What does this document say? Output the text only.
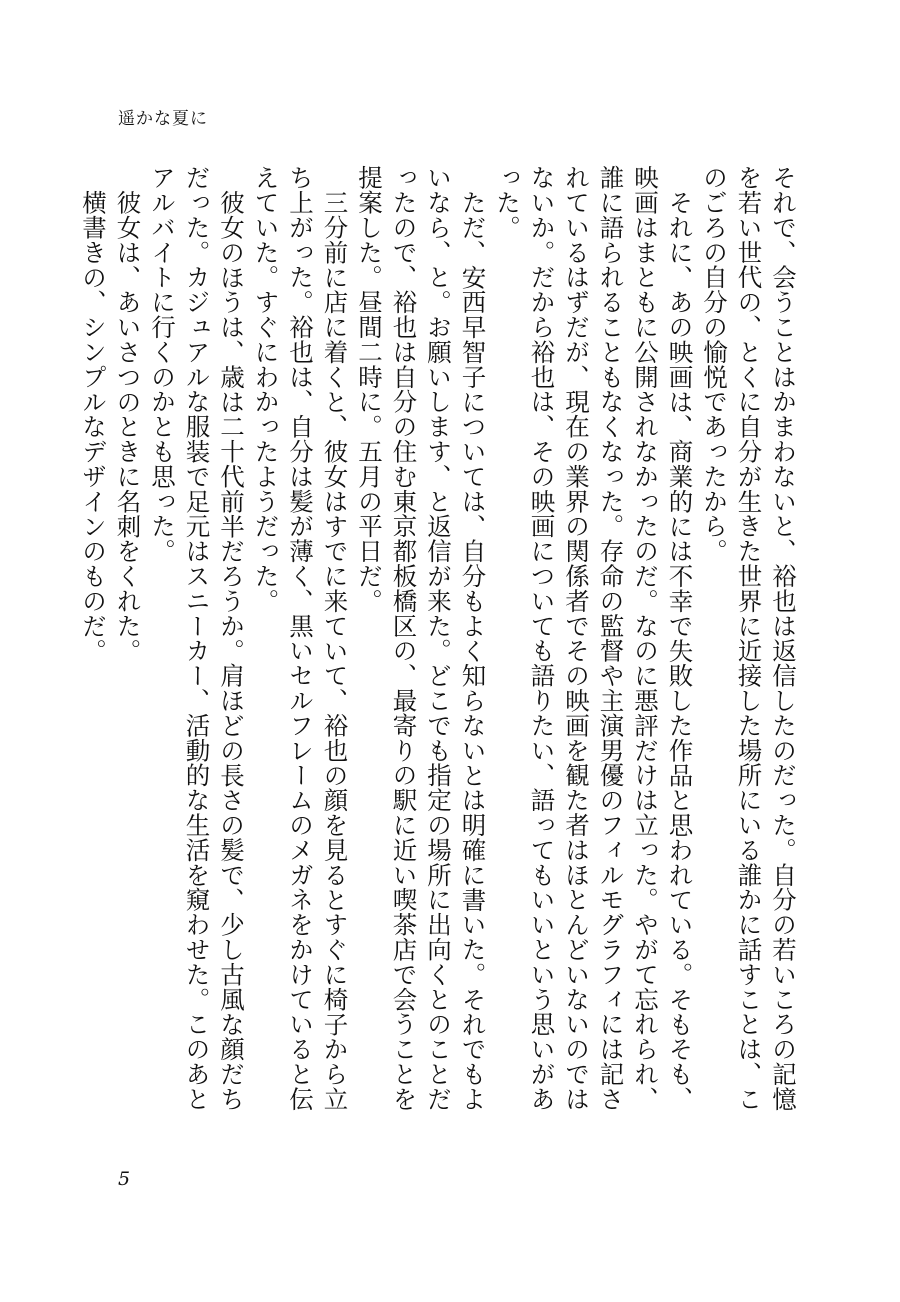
遥かな夏に

それで、会うことはかまわないと、裕也は返信したのだった。自分の若いころの記憶を若い世代の、とくに自分が生きた世界に近接した場所にいる誰かに話すことは、このごろの自分の愉悦であったから。

それに、あの映画は、商業的には不幸で失敗した作品と思われている。そもそも、映画はまともに公開されなかったのだ。なのに悪評だけは立った。やがて忘れられ、誰に語られることもなくなった。存命の監督や主演男優のフィルモグラフィには記されているはずだが、現在の業界の関係者でその映画を観た者はほとんどいないのではないか。だから裕也は、その映画についても語りたい、語ってもいいという思いがあった。

ただ、安西早智子については、自分もよく知らないとは明確に書いた。それでもよいなら、と。お願いします、と返信が来た。どこでも指定の場所に出向くとのことだったので、裕也は自分の住む東京都板橋区の、最寄りの駅に近い喫茶店で会うことを提案した。昼間二時に。五月の平日だ。

三分前に店に着くと、彼女はすでに来ていて、裕也の顔を見るとすぐに椅子から立ち上がった。裕也は、自分は髪が薄く、黒いセルフレームのメガネをかけていると伝えていた。すぐにわかったようだった。

彼女のほうは、歳は二十代前半だろうか。肩ほどの長さの髪で、少し古風な顔だちだった。カジュアルな服装で足元はスニーカー、活動的な生活を窺わせた。このあとアルバイトに行くのかとも思った。

彼女は、あいさつのときに名刺をくれた。

横書きの、シンプルなデザインのものだ。

5
